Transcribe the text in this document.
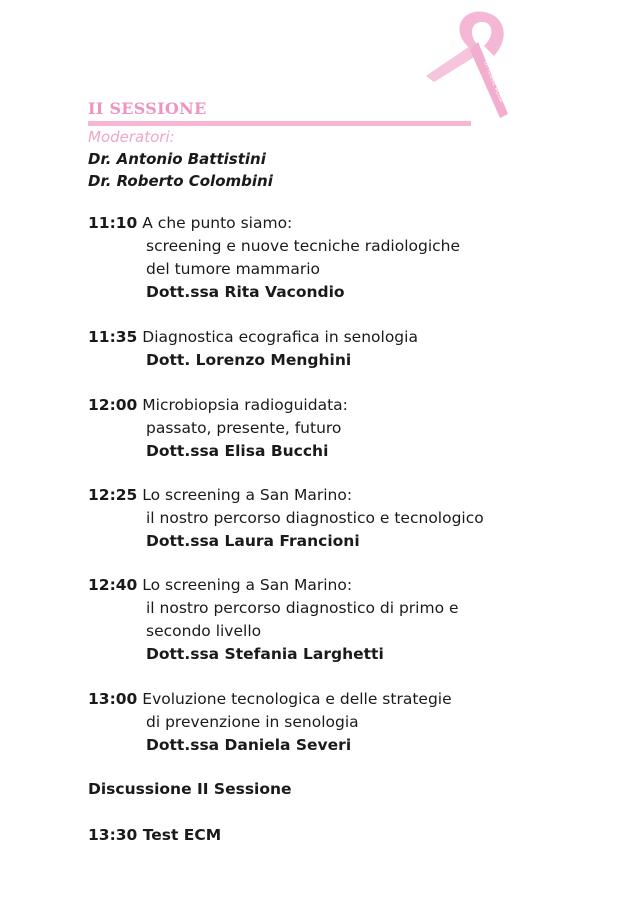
OTTOBRE ROSA
II SESSIONE
Moderatori:
Dr. Antonio Battistini
Dr. Roberto Colombini
11:10 A che punto siamo:
screening e nuove tecniche radiologiche
del tumore mammario
Dott.ssa Rita Vacondio
11:35 Diagnostica ecografica in senologia
Dott. Lorenzo Menghini
12:00 Microbiopsia radioguidata:
passato, presente, futuro
Dott.ssa Elisa Bucchi
12:25 Lo screening a San Marino:
il nostro percorso diagnostico e tecnologico
Dott.ssa Laura Francioni
12:40 Lo screening a San Marino:
il nostro percorso diagnostico di primo e
secondo livello
Dott.ssa Stefania Larghetti
13:00 Evoluzione tecnologica e delle strategie
di prevenzione in senologia
Dott.ssa Daniela Severi
Discussione II Sessione
13:30 Test ECM
